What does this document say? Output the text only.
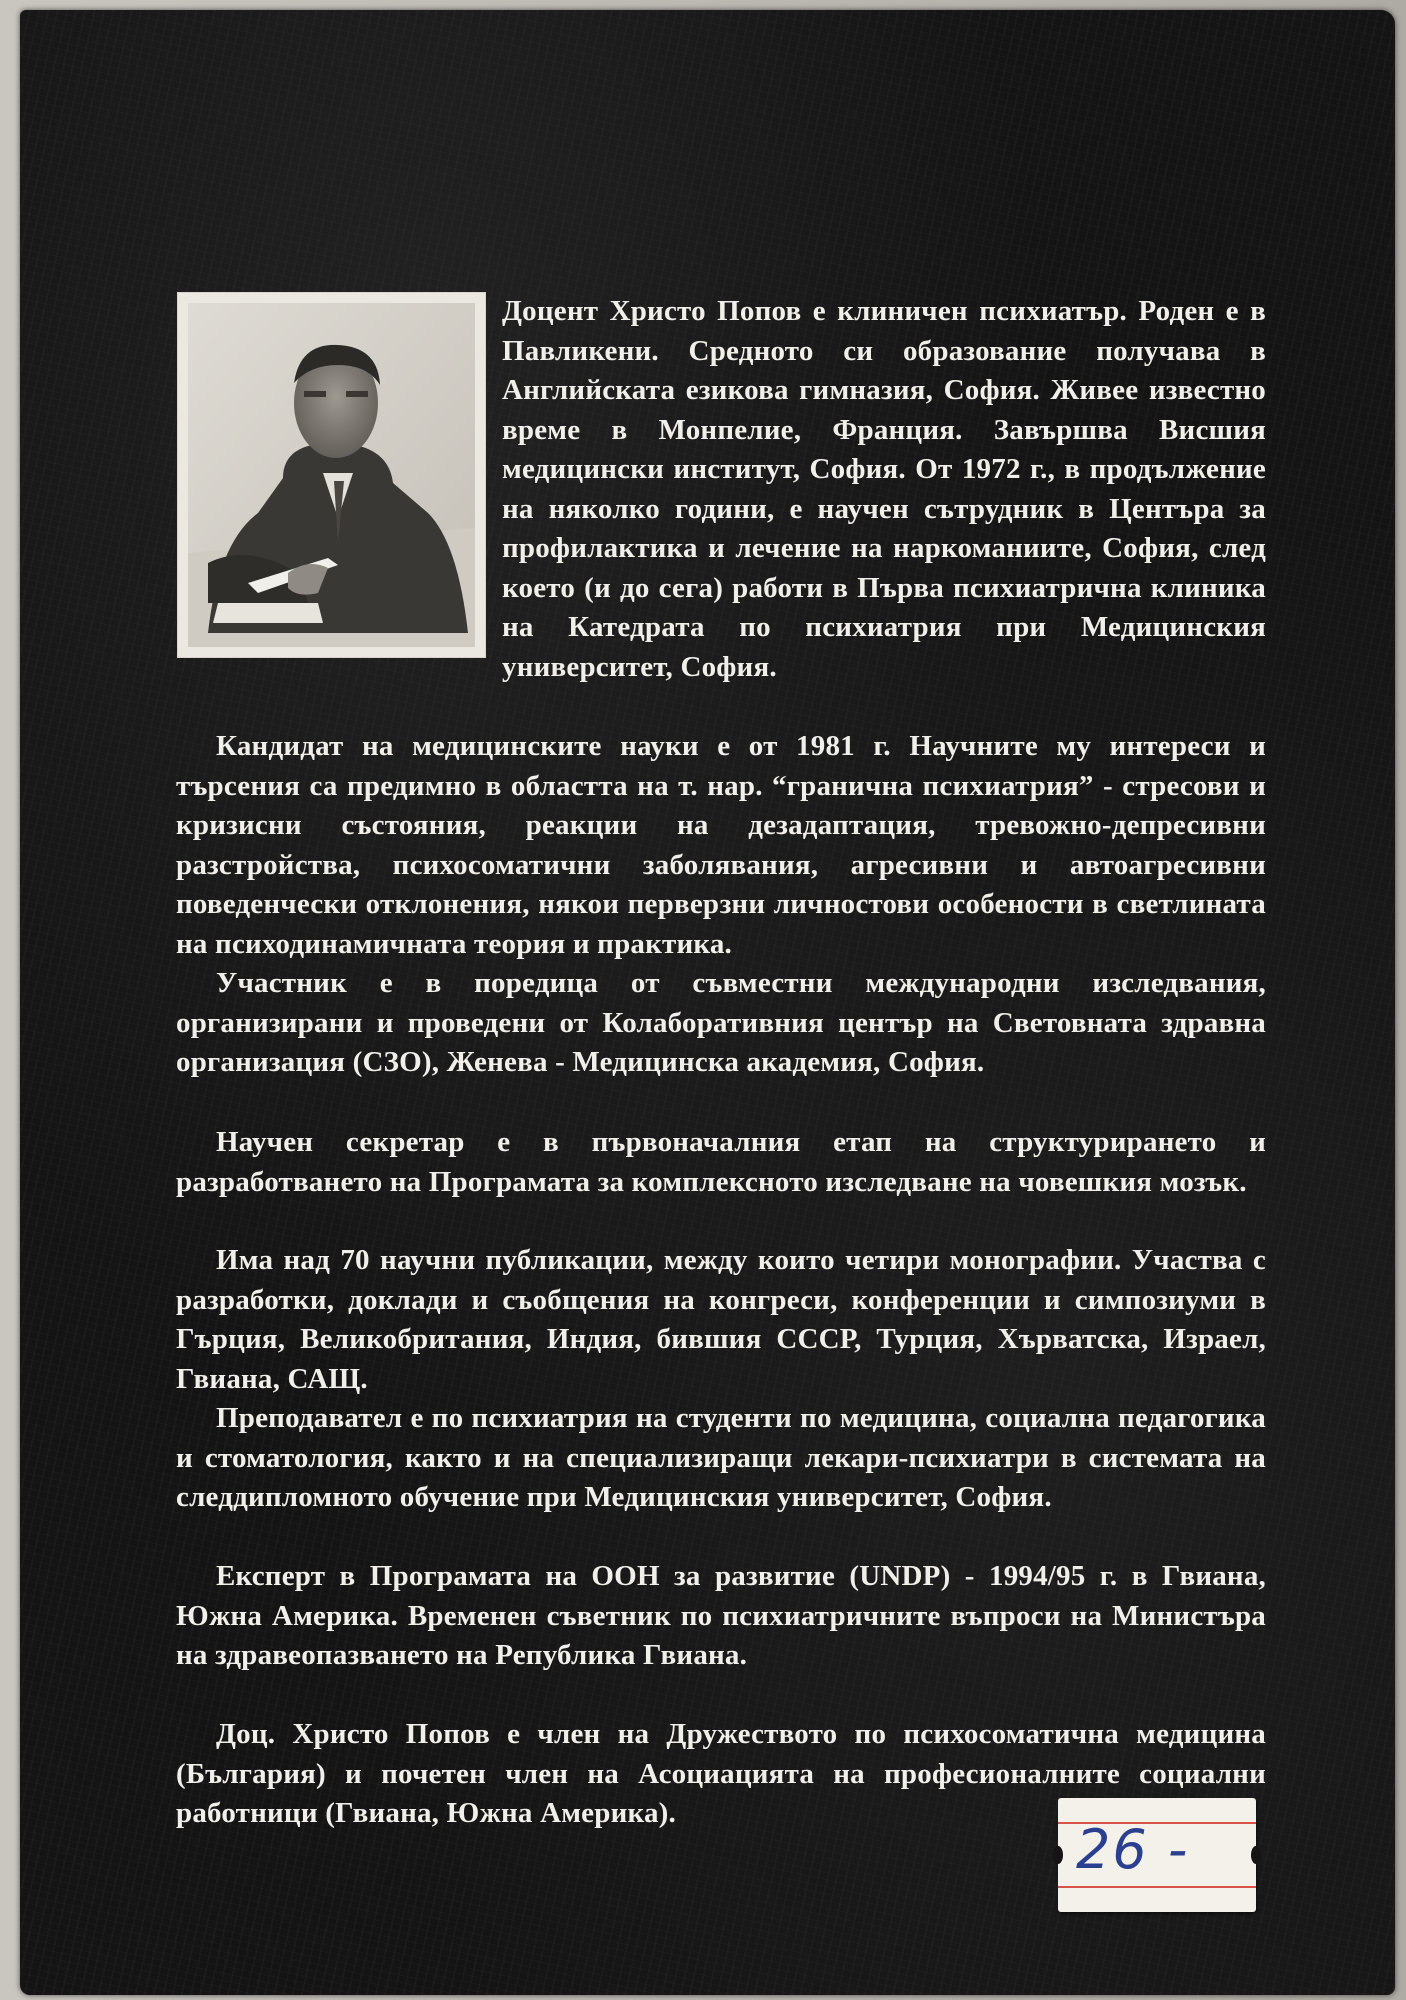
Доцент Христо Попов е клиничен психиатър. Роден е в Павликени. Средното си образование получава в Английската езикова гимназия, София. Живее известно време в Монпелие, Франция. Завършва Висшия медицински институт, София. От 1972 г., в продължение на няколко години, е научен сътрудник в Центъра за профилактика и лечение на наркоманиите, София, след което (и до сега) работи в Първа психиатрична клиника на Катедрата по психиатрия при Медицинския университет, София.

Кандидат на медицинските науки е от 1981 г. Научните му интереси и търсения са предимно в областта на т. нар. “гранична психиатрия” - стресови и кризисни състояния, реакции на дезадаптация, тревожно-депресивни разстройства, психосоматични заболявания, агресивни и автоагресивни поведенчески отклонения, някои перверзни личностови особености в светлината на психодинамичната теория и практика.

Участник е в поредица от съвместни международни изследвания, организирани и проведени от Колаборативния център на Световната здравна организация (СЗО), Женева - Медицинска академия, София.

Научен секретар е в първоначалния етап на структурирането и разработването на Програмата за комплексното изследване на човешкия мозък.

Има над 70 научни публикации, между които четири монографии. Участва с разработки, доклади и съобщения на конгреси, конференции и симпозиуми в Гърция, Великобритания, Индия, бившия СССР, Турция, Хърватска, Израел, Гвиана, САЩ.

Преподавател е по психиатрия на студенти по медицина, социална педагогика и стоматология, както и на специализиращи лекари-психиатри в системата на следдипломното обучение при Медицинския университет, София.

Експерт в Програмата на ООН за развитие (UNDP) - 1994/95 г. в Гвиана, Южна Америка. Временен съветник по психиатричните въпроси на Министъра на здравеопазването на Република Гвиана.

Доц. Христо Попов е член на Дружеството по психосоматична медицина (България) и почетен член на Асоциацията на професионалните социални работници (Гвиана, Южна Америка).

26 -
